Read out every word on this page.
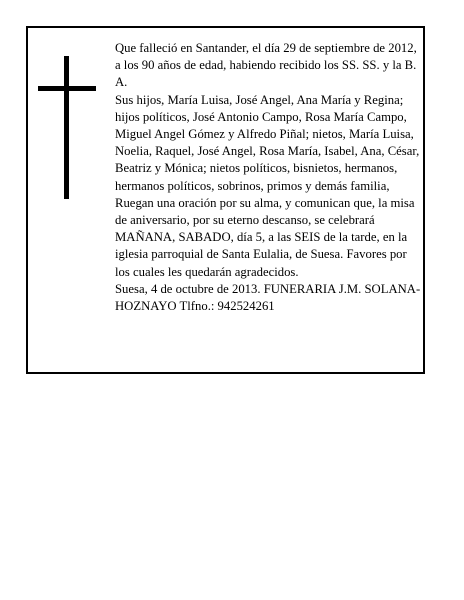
Que falleció en Santander, el día 29 de septiembre de 2012, a los 90 años de edad, habiendo recibido los SS. SS. y la B. A.

Sus hijos, María Luisa, José Angel, Ana María y Regina; hijos políticos, José Antonio Campo, Rosa María Campo, Miguel Angel Gómez y Alfredo Piñal; nietos, María Luisa, Noelia, Raquel, José Angel, Rosa María, Isabel, Ana, César, Beatriz y Mónica; nietos políticos, bisnietos, hermanos, hermanos políticos, sobrinos, primos y demás familia,

Ruegan una oración por su alma, y comunican que, la misa de aniversario, por su eterno descanso, se celebrará MAÑANA, SABADO, día 5, a las SEIS de la tarde, en la iglesia parroquial de Santa Eulalia, de Suesa. Favores por los cuales les quedarán agradecidos.

Suesa, 4 de octubre de 2013. FUNERARIA J.M. SOLANA-HOZNAYO Tlfno.: 942524261
